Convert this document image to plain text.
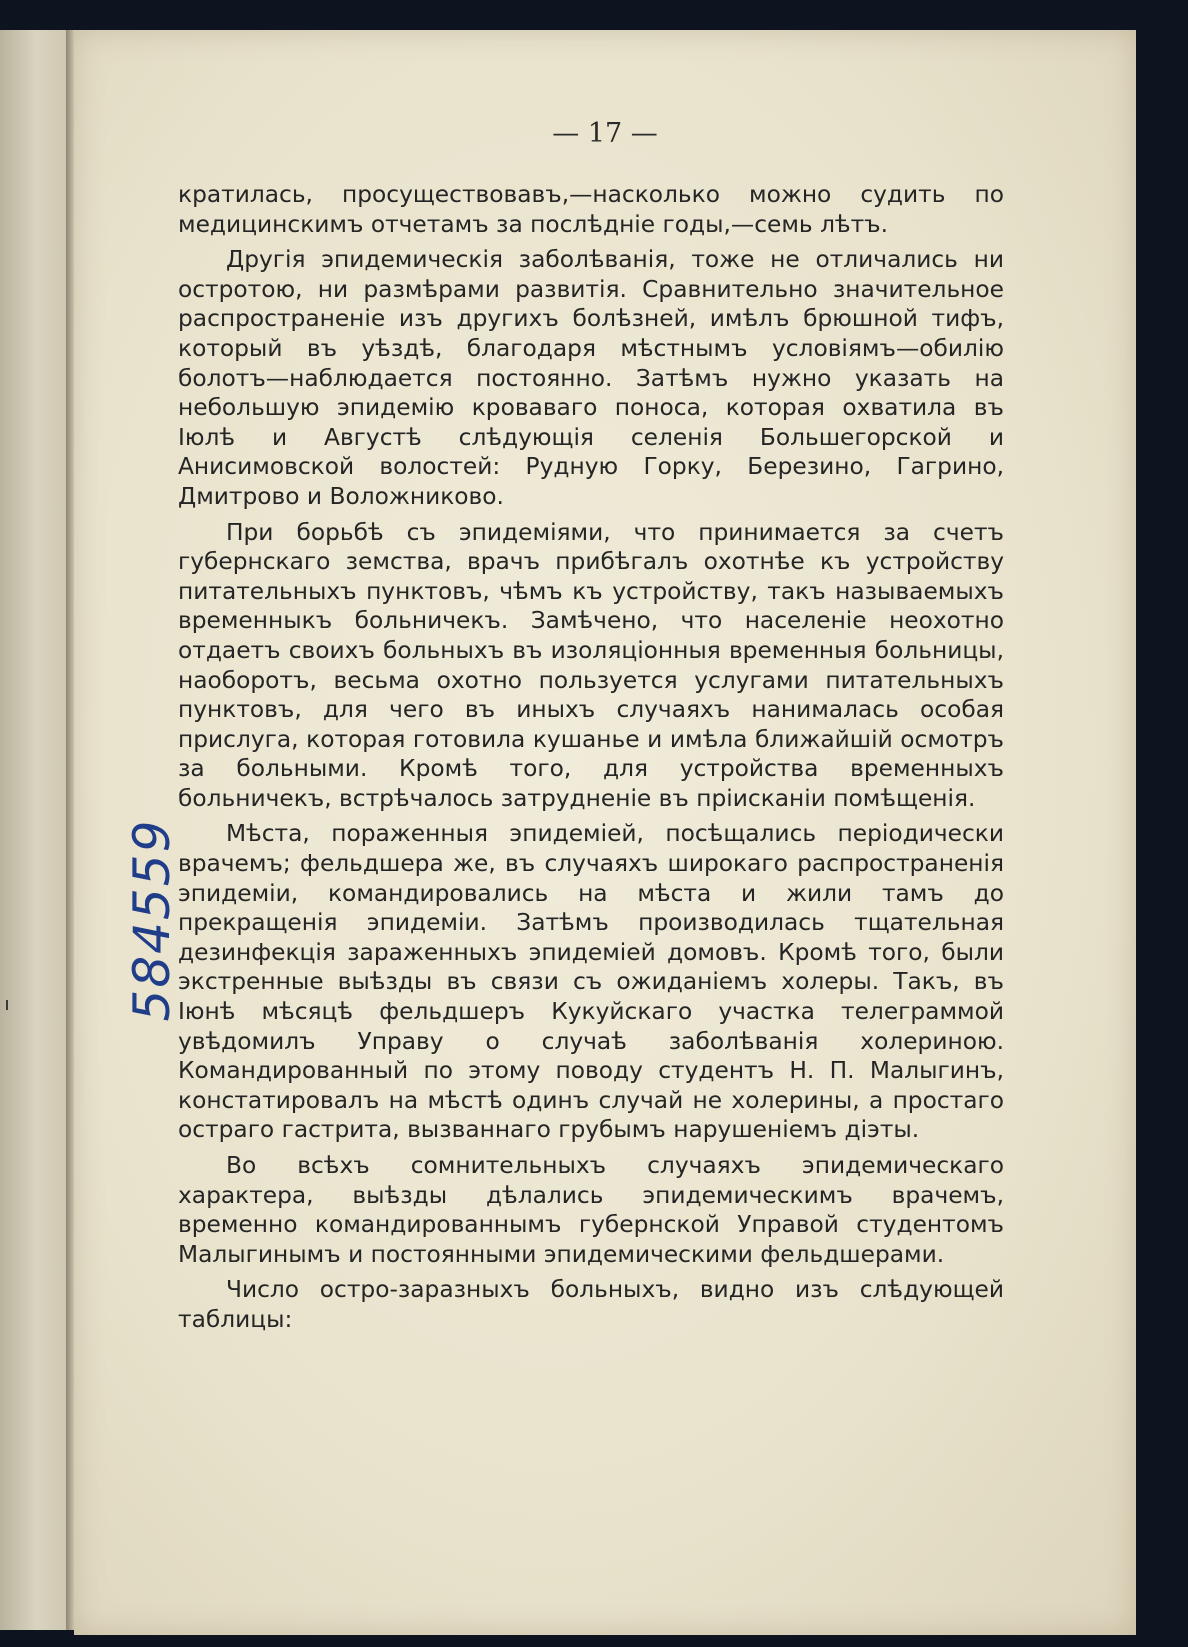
— 17 —

кратилась, просуществовавъ,—насколько можно судить по медицинскимъ отчетамъ за послѣдніе годы,—семь лѣтъ.

Другія эпидемическія заболѣванія, тоже не отличались ни остротою, ни размѣрами развитія. Сравнительно значительное распространеніе изъ другихъ болѣзней, имѣлъ брюшной тифъ, который въ уѣздѣ, благодаря мѣстнымъ условіямъ—обилію болотъ—наблюдается постоянно. Затѣмъ нужно указать на небольшую эпидемію кроваваго поноса, которая охватила въ Іюлѣ и Августѣ слѣдующія селенія Большегорской и Анисимовской волостей: Рудную Горку, Березино, Гагрино, Дмитрово и Воложниково.

При борьбѣ съ эпидеміями, что принимается за счетъ губернскаго земства, врачъ прибѣгалъ охотнѣе къ устройству питательныхъ пунктовъ, чѣмъ къ устройству, такъ называемыхъ временныкъ больничекъ. Замѣчено, что населеніе неохотно отдаетъ своихъ больныхъ въ изоляціонныя временныя больницы, наоборотъ, весьма охотно пользуется услугами питательныхъ пунктовъ, для чего въ иныхъ случаяхъ нанималась особая прислуга, которая готовила кушанье и имѣла ближайшій осмотръ за больными. Кромѣ того, для устройства временныхъ больничекъ, встрѣчалось затрудненіе въ прiисканiи помѣщенія.

Мѣста, пораженныя эпидеміей, посѣщались періодически врачемъ; фельдшера же, въ случаяхъ широкаго распространенія эпидеміи, командировались на мѣста и жили тамъ до прекращенія эпидеміи. Затѣмъ производилась тщательная дезинфекція зараженныхъ эпидеміей домовъ. Кромѣ того, были экстренные выѣзды въ связи съ ожиданіемъ холеры. Такъ, въ Іюнѣ мѣсяцѣ фельдшеръ Кукуйскаго участка телеграммой увѣдомилъ Управу о случаѣ заболѣванія холериною. Командированный по этому поводу студентъ Н. П. Малыгинъ, констатировалъ на мѣстѣ одинъ случай не холерины, а простаго остраго гастрита, вызваннаго грубымъ нарушеніемъ діэты.

Во всѣхъ сомнительныхъ случаяхъ эпидемическаго характера, выѣзды дѣлались эпидемическимъ врачемъ, временно командированнымъ губернской Управой студентомъ Малыгинымъ и постоянными эпидемическими фельдшерами.

Число остро-заразныхъ больныхъ, видно изъ слѣдующей таблицы:

584559
